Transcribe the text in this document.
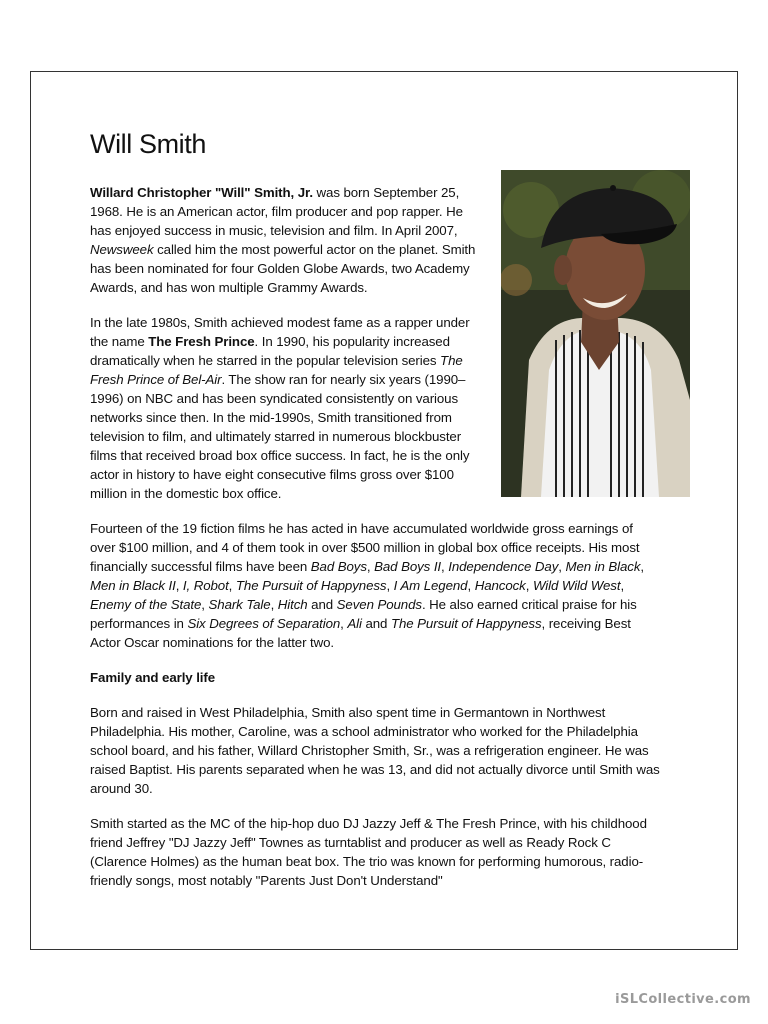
Will Smith

Willard Christopher "Will" Smith, Jr. was born September 25, 1968. He is an American actor, film producer and pop rapper. He has enjoyed success in music, television and film. In April 2007, Newsweek called him the most powerful actor on the planet. Smith has been nominated for four Golden Globe Awards, two Academy Awards, and has won multiple Grammy Awards.

In the late 1980s, Smith achieved modest fame as a rapper under the name The Fresh Prince. In 1990, his popularity increased dramatically when he starred in the popular television series The Fresh Prince of Bel-Air. The show ran for nearly six years (1990–1996) on NBC and has been syndicated consistently on various networks since then. In the mid-1990s, Smith transitioned from television to film, and ultimately starred in numerous blockbuster films that received broad box office success. In fact, he is the only actor in history to have eight consecutive films gross over $100 million in the domestic box office.

Fourteen of the 19 fiction films he has acted in have accumulated worldwide gross earnings of over $100 million, and 4 of them took in over $500 million in global box office receipts. His most financially successful films have been Bad Boys, Bad Boys II, Independence Day, Men in Black, Men in Black II, I, Robot, The Pursuit of Happyness, I Am Legend, Hancock, Wild Wild West, Enemy of the State, Shark Tale, Hitch and Seven Pounds. He also earned critical praise for his performances in Six Degrees of Separation, Ali and The Pursuit of Happyness, receiving Best Actor Oscar nominations for the latter two.

Family and early life

Born and raised in West Philadelphia, Smith also spent time in Germantown in Northwest Philadelphia. His mother, Caroline, was a school administrator who worked for the Philadelphia school board, and his father, Willard Christopher Smith, Sr., was a refrigeration engineer. He was raised Baptist. His parents separated when he was 13, and did not actually divorce until Smith was around 30.

Smith started as the MC of the hip-hop duo DJ Jazzy Jeff & The Fresh Prince, with his childhood friend Jeffrey "DJ Jazzy Jeff" Townes as turntablist and producer as well as Ready Rock C (Clarence Holmes) as the human beat box. The trio was known for performing humorous, radio-friendly songs, most notably "Parents Just Don't Understand"

iSLCollective.com
